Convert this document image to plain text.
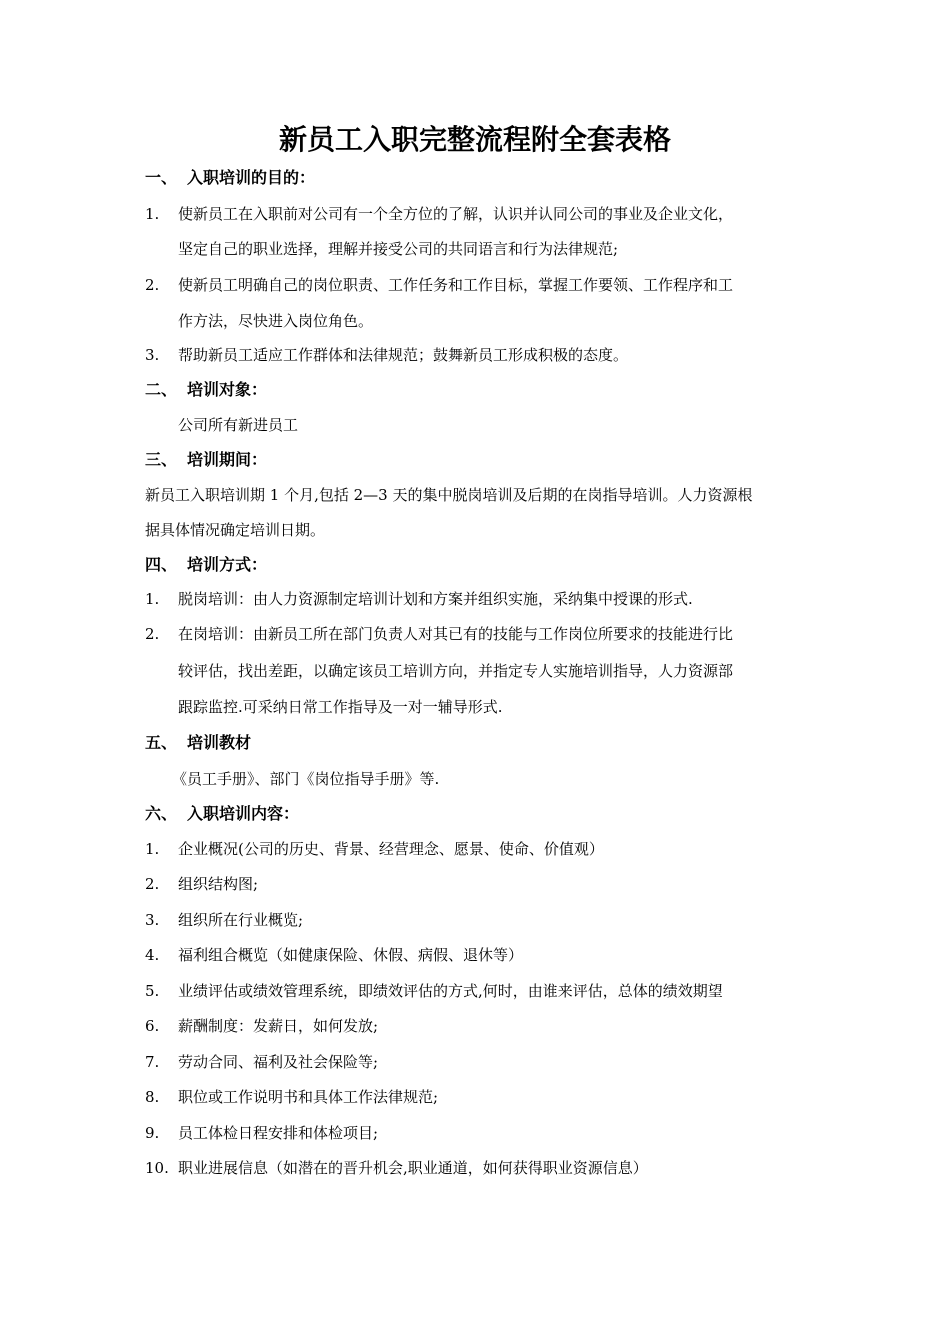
新员工入职完整流程附全套表格
一、 入职培训的目的：
1.	使新员工在入职前对公司有一个全方位的了解，认识并认同公司的事业及企业文化，
坚定自己的职业选择，理解并接受公司的共同语言和行为法律规范;
2.	使新员工明确自己的岗位职责、工作任务和工作目标，掌握工作要领、工作程序和工
作方法，尽快进入岗位角色。
3.	帮助新员工适应工作群体和法律规范；鼓舞新员工形成积极的态度。
二、 培训对象：
公司所有新进员工
三、 培训期间：
新员工入职培训期 1 个月,包括 2—3 天的集中脱岗培训及后期的在岗指导培训。人力资源根
据具体情况确定培训日期。
四、 培训方式：
1.	脱岗培训：由人力资源制定培训计划和方案并组织实施，采纳集中授课的形式.
2.	在岗培训：由新员工所在部门负责人对其已有的技能与工作岗位所要求的技能进行比
较评估，找出差距，以确定该员工培训方向，并指定专人实施培训指导，人力资源部
跟踪监控.可采纳日常工作指导及一对一辅导形式.
五、 培训教材
《员工手册》、部门《岗位指导手册》等.
六、 入职培训内容：
1.	企业概况(公司的历史、背景、经营理念、愿景、使命、价值观）
2.	组织结构图;
3.	组织所在行业概览;
4.	福利组合概览（如健康保险、休假、病假、退休等）
5.	业绩评估或绩效管理系统，即绩效评估的方式,何时，由谁来评估，总体的绩效期望
6.	薪酬制度：发薪日，如何发放;
7.	劳动合同、福利及社会保险等;
8.	职位或工作说明书和具体工作法律规范;
9.	员工体检日程安排和体检项目;
10. 职业进展信息（如潜在的晋升机会,职业通道，如何获得职业资源信息）
